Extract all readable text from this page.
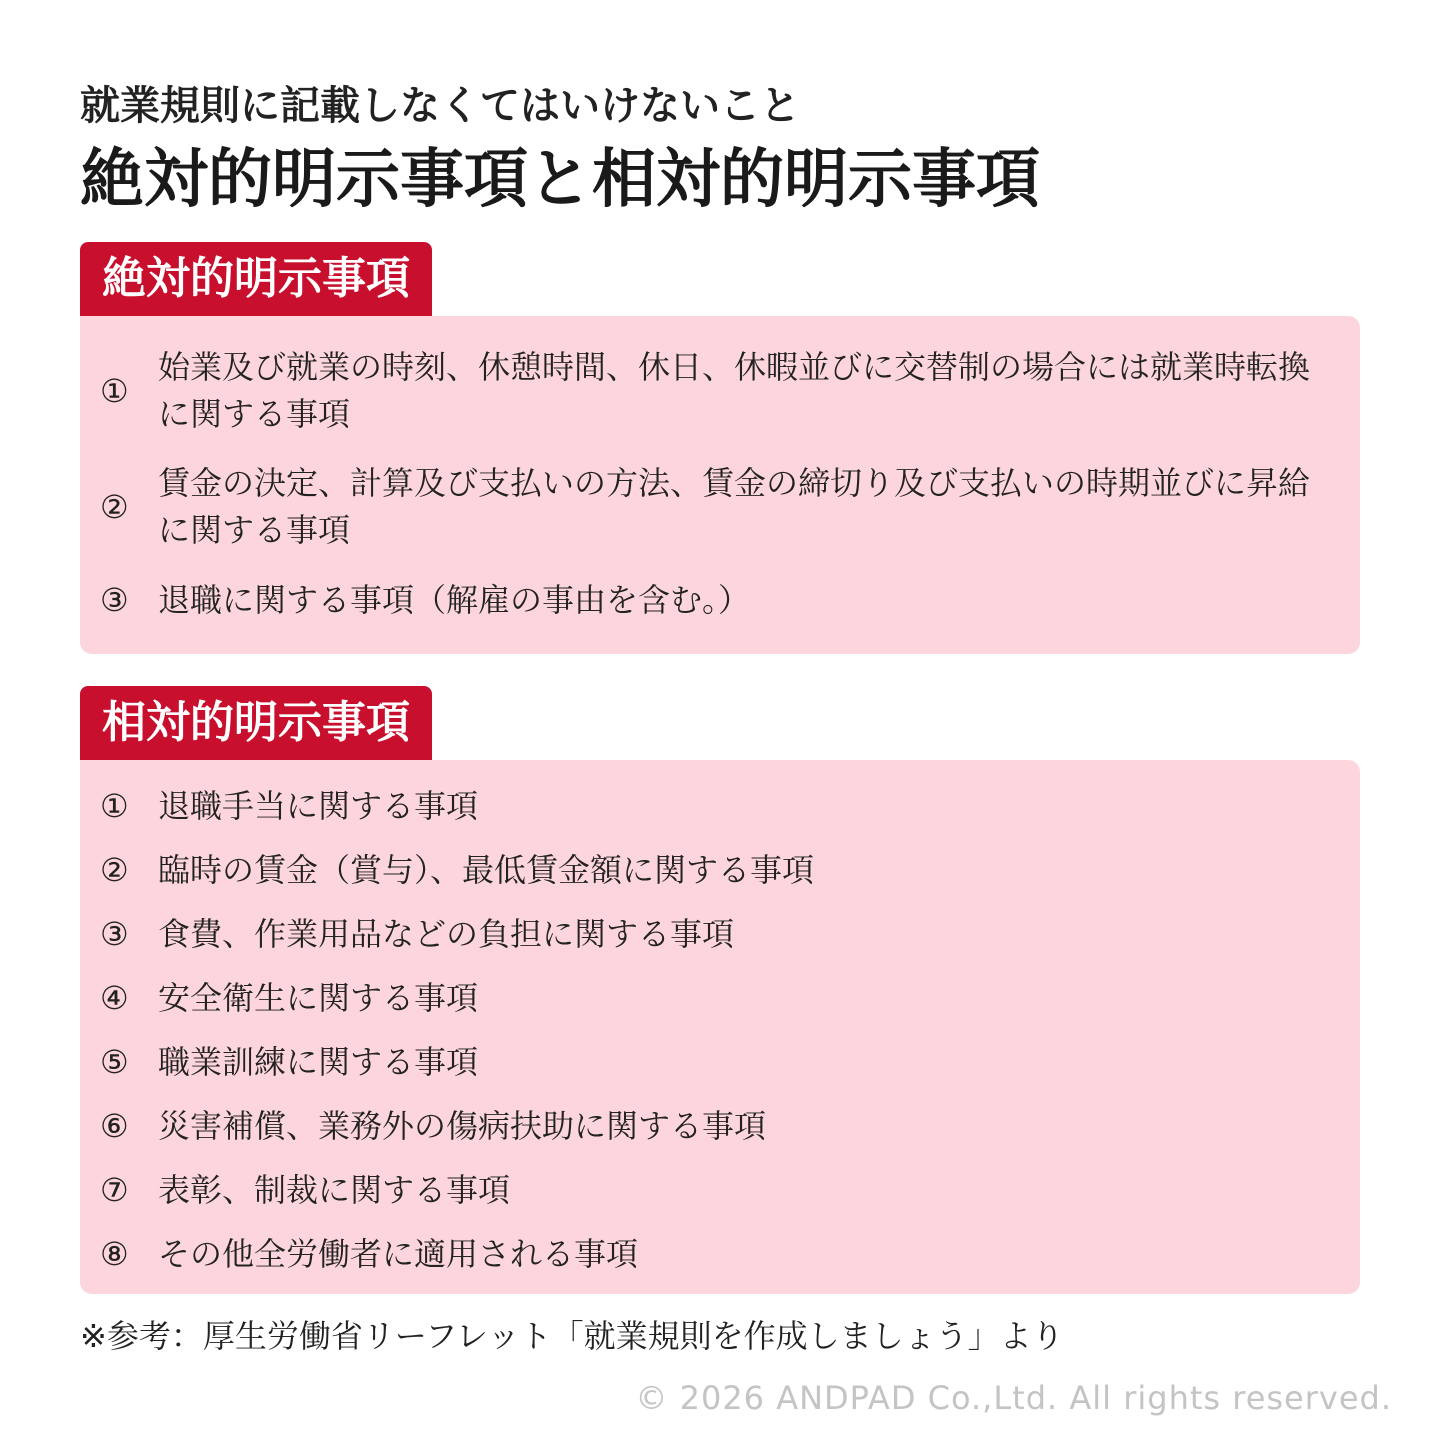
就業規則に記載しなくてはいけないこと
絶対的明示事項と相対的明示事項
絶対的明示事項
①
始業及び就業の時刻、休憩時間、休日、休暇並びに交替制の場合には就業時転換に関する事項
②
賃金の決定、計算及び支払いの方法、賃金の締切り及び支払いの時期並びに昇給に関する事項
③ 退職に関する事項（解雇の事由を含む。）
相対的明示事項
① 退職手当に関する事項
② 臨時の賃金（賞与）、最低賃金額に関する事項
③ 食費、作業用品などの負担に関する事項
④ 安全衛生に関する事項
⑤ 職業訓練に関する事項
⑥ 災害補償、業務外の傷病扶助に関する事項
⑦ 表彰、制裁に関する事項
⑧ その他全労働者に適用される事項
※参考：厚生労働省リーフレット「就業規則を作成しましょう」より
© 2026 ANDPAD Co.,Ltd. All rights reserved.
